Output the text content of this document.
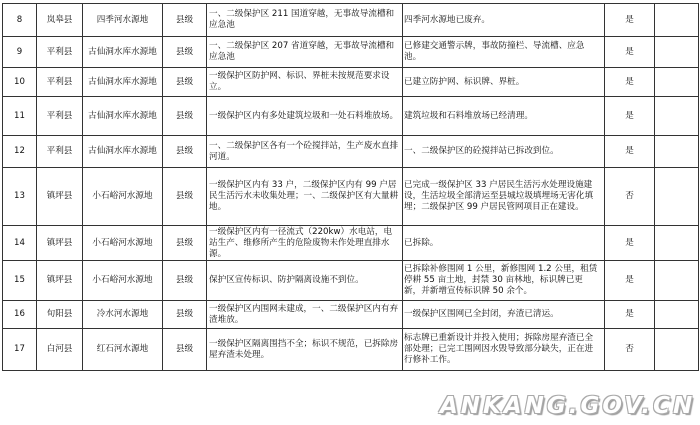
8	岚皋县	四季河水源地	县级	一、二级保护区 211 国道穿越，无事故导流槽和应急池	四季河水源地已废弃。	是	
9	平利县	古仙洞水库水源地	县级	一、二级保护区 207 省道穿越，无事故导流槽和应急池	已修建交通警示牌，事故防撞栏、导流槽、应急池。	是	
10	平利县	古仙洞水库水源地	县级	一级保护区防护网、标识、界桩未按规范要求设立。	已建立防护网、标识牌、界桩。	是	
11	平利县	古仙洞水库水源地	县级	一级保护区内有多处建筑垃圾和一处石料堆放场。	建筑垃圾和石料堆放场已经清理。	是	
12	平利县	古仙洞水库水源地	县级	一、二级保护区各有一个砼搅拌站，生产废水直排河道。	一、二级保护区的砼搅拌站已拆改到位。	是	
13	镇坪县	小石峪河水源地	县级	一级保护区内有 33 户，二级保护区内有 99 户居民生活污水未收集处理；一、二级保护区有大量耕地。	已完成一级保护区 33 户居民生活污水处理设施建设，生活垃圾全部清运至县城垃圾填埋场无害化填埋；二级保护区 99 户居民管网项目正在建设。	否	
14	镇坪县	小石峪河水源地	县级	一级保护区内有一径流式（220kw）水电站，电站生产、维修所产生的危险废物未作处理直排水源。	已拆除。	是	
15	镇坪县	小石峪河水源地	县级	保护区宣传标识、防护隔离设施不到位。	已拆除补修围网 1 公里，新修围网 1.2 公里，租赁停耕 55 亩土地，封禁 30 亩林地，标识牌已更新，并新增宣传标识牌 50 余个。	是	
16	旬阳县	冷水河水源地	县级	一级保护区内围网未建成，一、二级保护区内有弃渣堆放。	一级保护区围网已全封闭，弃渣已清运。	是	
17	白河县	红石河水源地	县级	一级保护区隔离围挡不全；标识不规范，已拆除房屋弃渣未处理。	标志牌已重新设计并投入使用；拆除房屋弃渣已全部处理；已完工围网因水毁导致部分缺失，正在进行修补工作。	否	
ANKANG.GOV.CN
